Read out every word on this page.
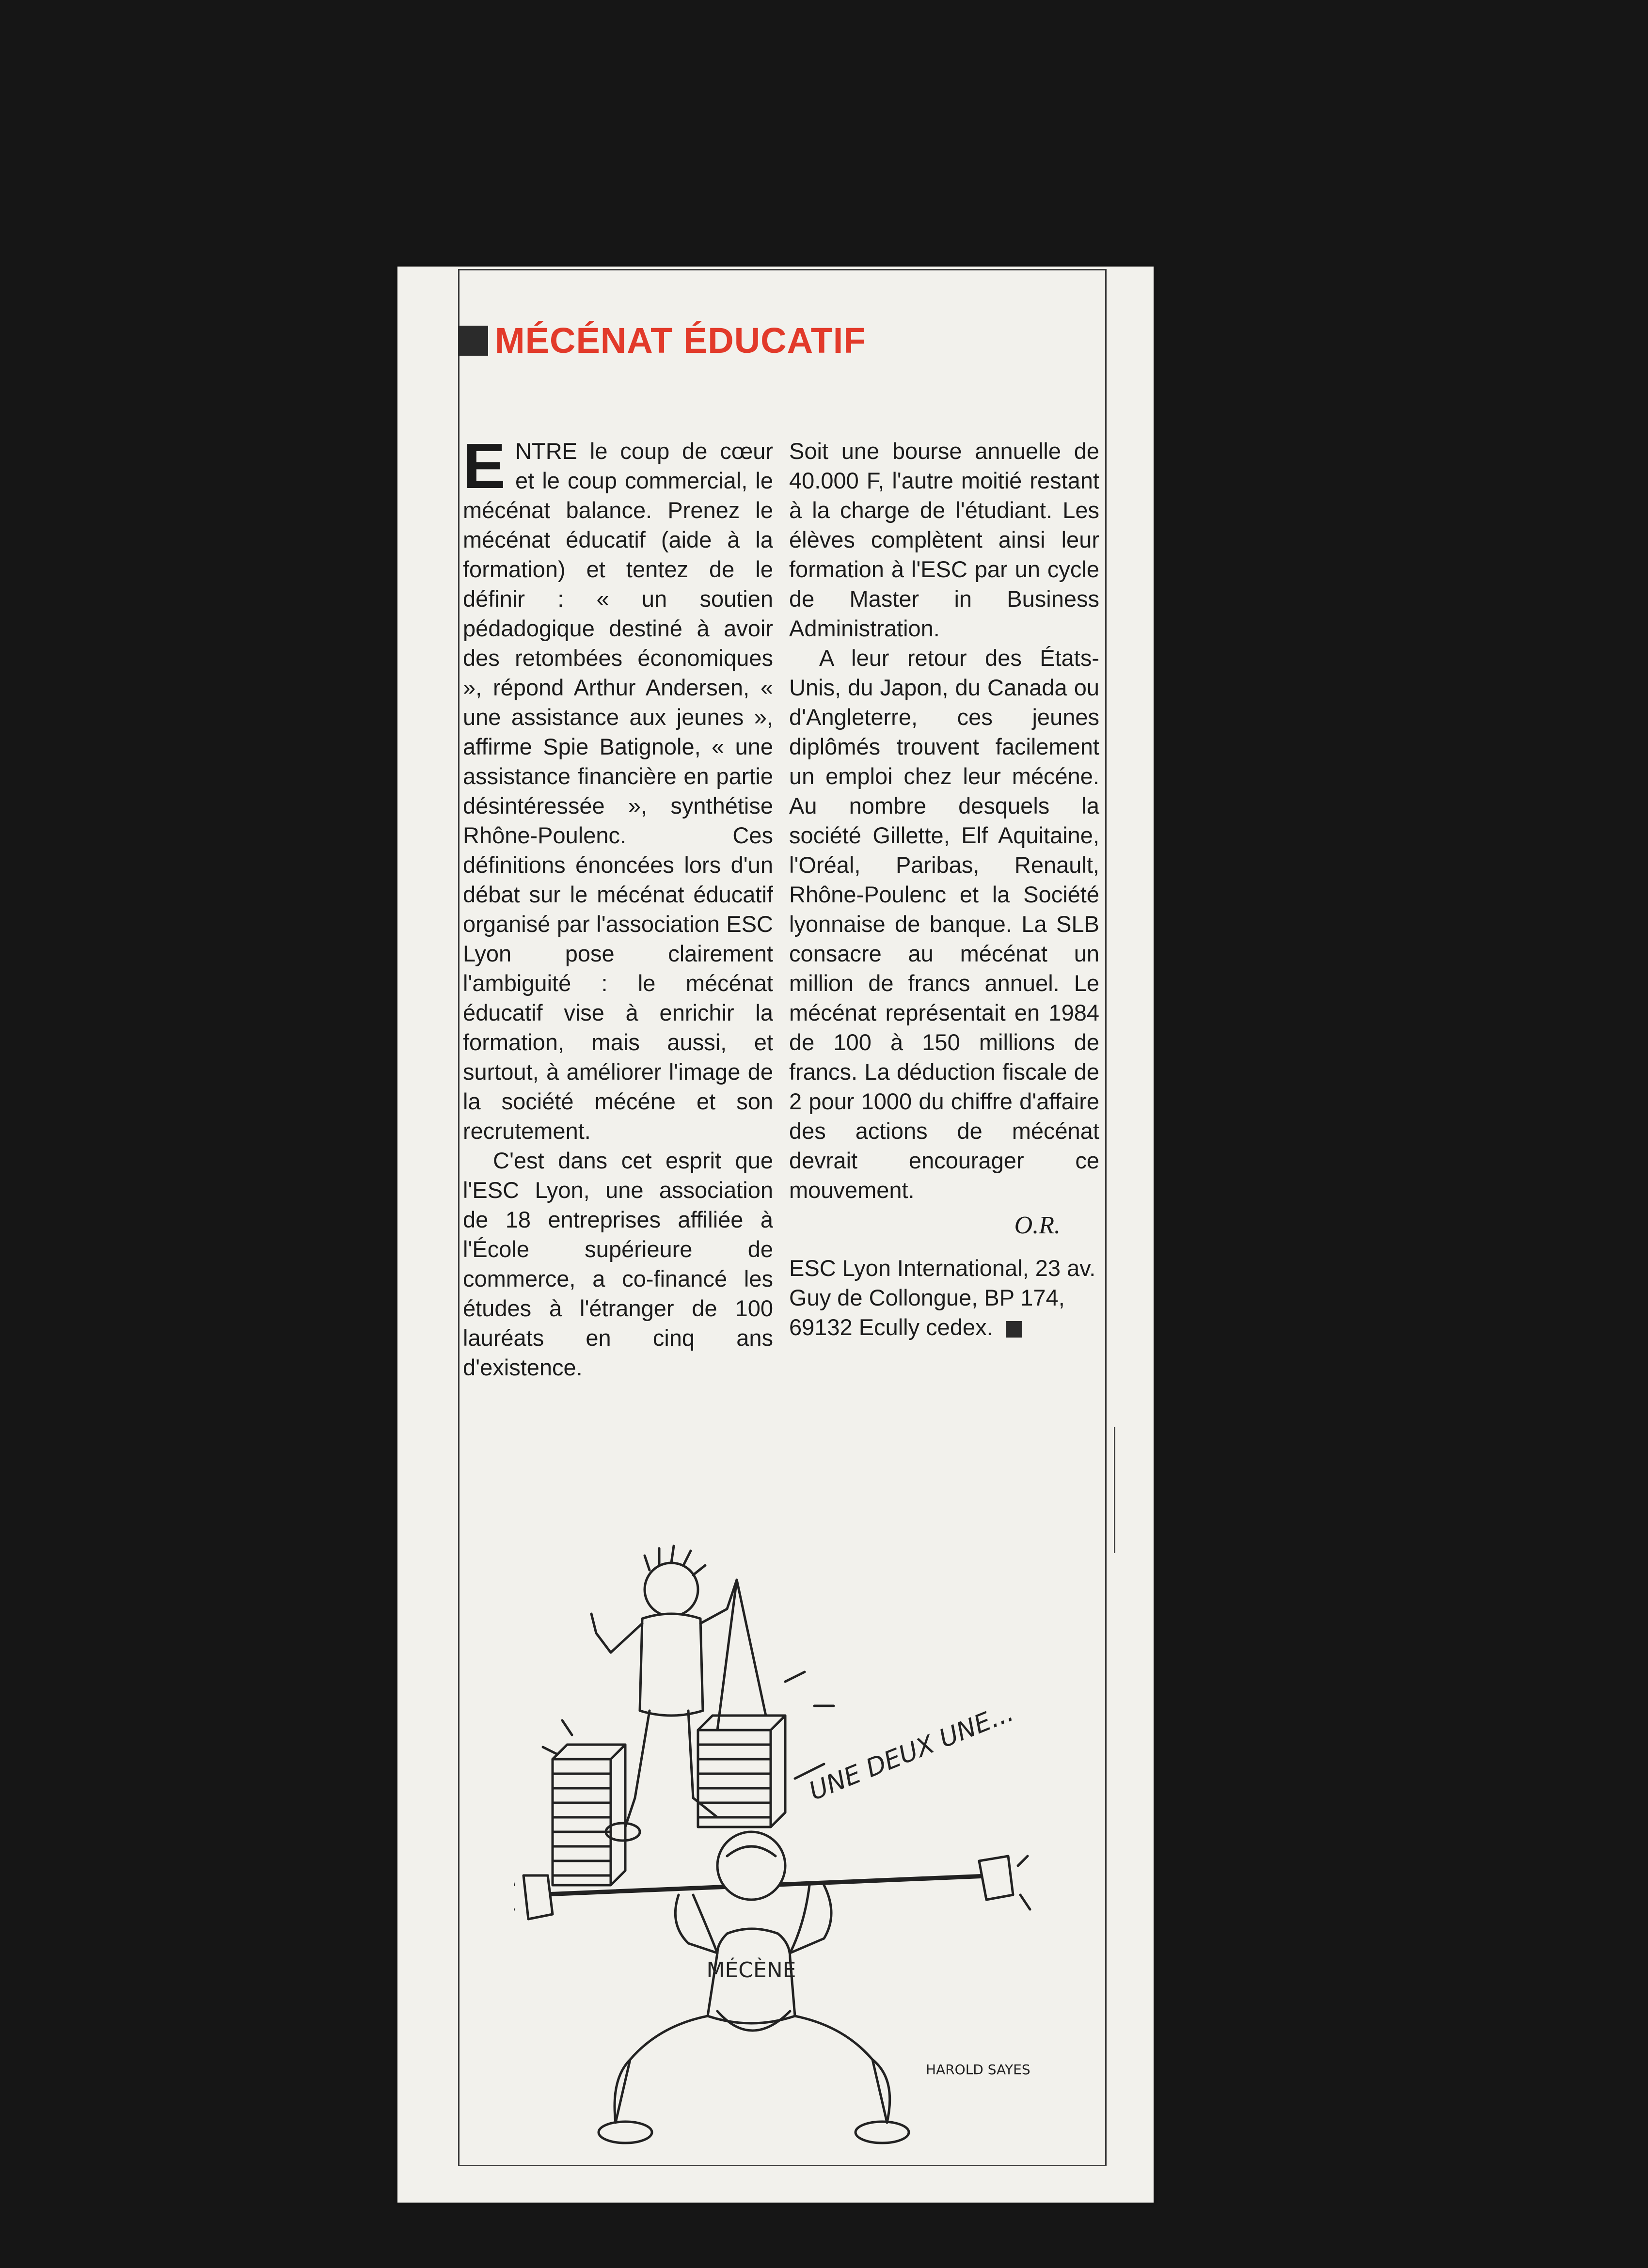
MÉCÉNAT ÉDUCATIF

ENTRE le coup de cœur et le coup commercial, le mécénat balance. Prenez le mécénat éducatif (aide à la formation) et tentez de le définir : « un soutien pédadogique destiné à avoir des retombées économiques », répond Arthur Andersen, « une assistance aux jeunes », affirme Spie Batignole, « une assistance financière en partie désintéressée », synthétise Rhône-Poulenc. Ces définitions énoncées lors d'un débat sur le mécénat éducatif organisé par l'association ESC Lyon pose clairement l'ambiguité : le mécénat éducatif vise à enrichir la formation, mais aussi, et surtout, à améliorer l'image de la société mécéne et son recrutement.

C'est dans cet esprit que l'ESC Lyon, une association de 18 entreprises affiliée à l'École supérieure de commerce, a co-financé les études à l'étranger de 100 lauréats en cinq ans d'existence.

Soit une bourse annuelle de 40.000 F, l'autre moitié restant à la charge de l'étudiant. Les élèves complètent ainsi leur formation à l'ESC par un cycle de Master in Business Administration.

A leur retour des États-Unis, du Japon, du Canada ou d'Angleterre, ces jeunes diplômés trouvent facilement un emploi chez leur mécéne. Au nombre desquels la société Gillette, Elf Aquitaine, l'Oréal, Paribas, Renault, Rhône-Poulenc et la Société lyonnaise de banque. La SLB consacre au mécénat un million de francs annuel. Le mécénat représentait en 1984 de 100 à 150 millions de francs. La déduction fiscale de 2 pour 1000 du chiffre d'affaire des actions de mécénat devrait encourager ce mouvement.

O.R.

ESC Lyon International, 23 av. Guy de Collongue, BP 174, 69132 Ecully cedex.

MÉCÈNE
UNE DEUX UNE...
HAROLD SAYES
